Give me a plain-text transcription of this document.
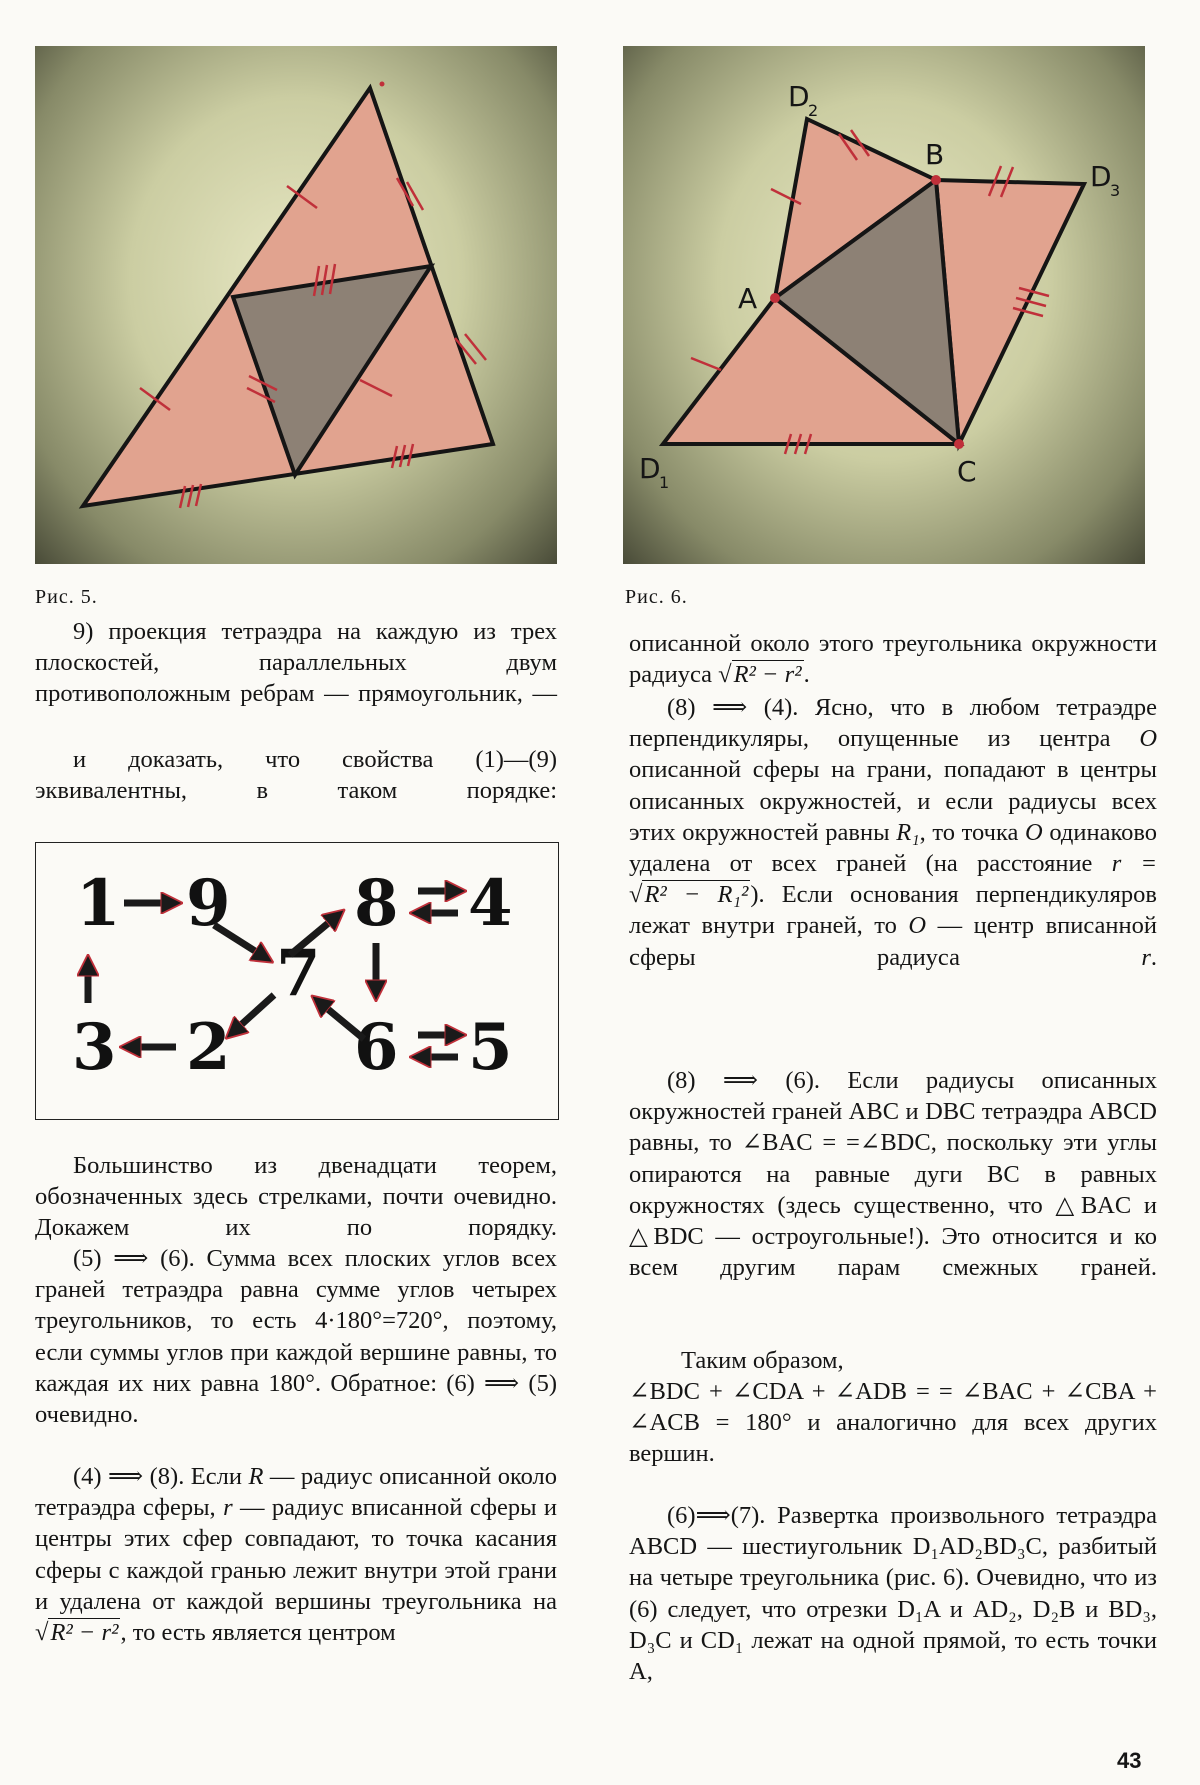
Рис. 5.

9) проекция тетраэдра на каждую из трех плоскостей, параллельных двум противоположным ребрам — прямоугольник, —

и доказать, что свойства (1)—(9) эквивалентны, в таком порядке:

1 9 8 4
7
3 2 6 5

Большинство из двенадцати теорем, обозначенных здесь стрелками, почти очевидно. Докажем их по порядку.

(5) ⟹ (6). Сумма всех плоских углов всех граней тетраэдра равна сумме углов четырех треугольников, то есть 4·180°=720°, поэтому, если суммы углов при каждой вершине равны, то каждая их них равна 180°. Обратное: (6) ⟹ (5) очевидно.

(4) ⟹ (8). Если R — радиус описанной около тетраэдра сферы, r — радиус вписанной сферы и центры этих сфер совпадают, то точка касания сферы с каждой гранью лежит внутри этой грани и удалена от каждой вершины треугольника на √R² − r², то есть является центром

A
B
C
D
1
D
2
D
3
Рис. 6.

описанной около этого треугольника окружности радиуса √R² − r².

(8) ⟹ (4). Ясно, что в любом тетраэдре перпендикуляры, опущенные из центра O описанной сферы на грани, попадают в центры описанных окружностей, и если радиусы всех этих окружностей равны R₁, то точка O одинаково удалена от всех граней (на расстояние r = √R² − R₁²). Если основания перпендикуляров лежат внутри граней, то O — центр вписанной сферы радиуса	r.

(8) ⟹ (6). Если радиусы описанных окружностей граней ABC и DBC тетраэдра ABCD равны, то ∠BAC = =∠BDC, поскольку эти углы опираются на равные дуги BC в равных окружностях (здесь существенно, что △BAC и △BDC — остроугольные!). Это относится и ко всем другим парам смежных граней.

Таким образом,

∠BDC + ∠CDA + ∠ADB = = ∠BAC + ∠CBA + ∠ACB = 180° и аналогично для всех других вершин.

(6)⟹(7). Развертка произвольного тетраэдра ABCD — шестиугольник D₁AD₂BD₃C, разбитый на четыре треугольника (рис. 6). Очевидно, что из (6) следует, что отрезки D₁A и AD₂, D₂B и BD₃, D₃C и CD₁ лежат на одной прямой, то есть точки A,

43
